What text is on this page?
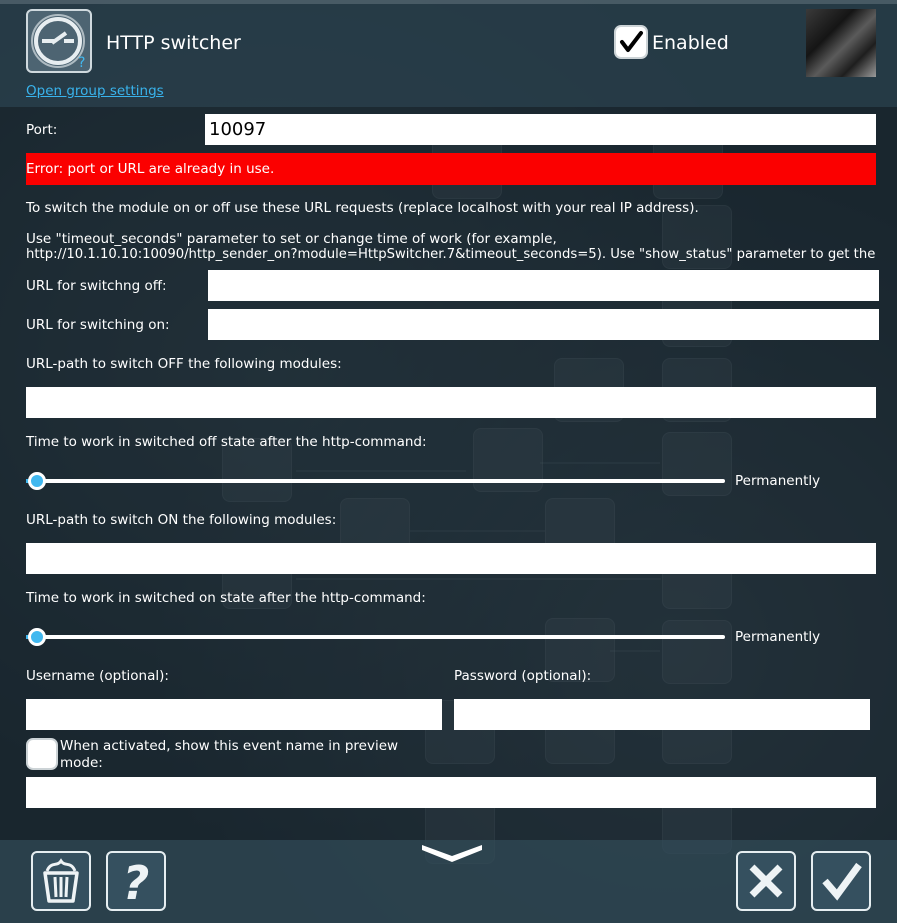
?
HTTP switcher
Open group settings
Enabled
Port:
10097
Error: port or URL are already in use.
To switch the module on or off use these URL requests (replace localhost with your real IP address).
Use "timeout_seconds" parameter to set or change time of work (for example,
http://10.1.10.10:10090/http_sender_on?module=HttpSwitcher.7&timeout_seconds=5). Use "show_status" parameter to get the
URL for switchng off:
URL for switching on:
URL-path to switch OFF the following modules:
Time to work in switched off state after the http-command:
Permanently
URL-path to switch ON the following modules:
Time to work in switched on state after the http-command:
Permanently
Username (optional):	Password (optional):
When activated, show this event name in preview
mode:
?
